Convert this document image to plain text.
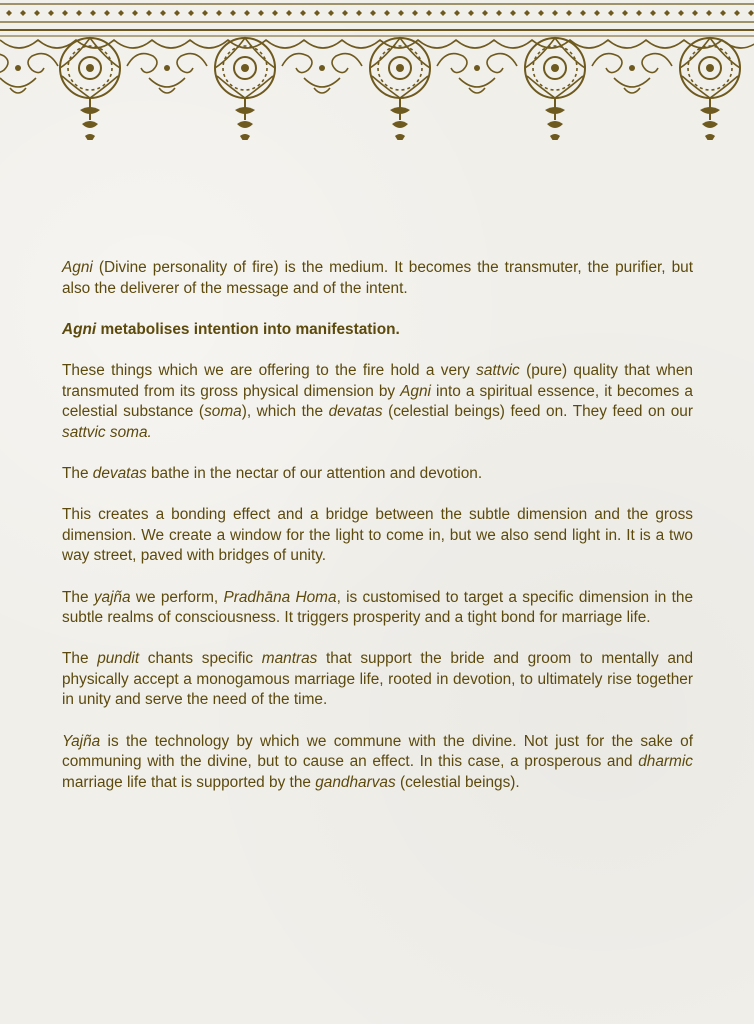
Agni (Divine personality of fire) is the medium. It becomes the transmuter, the purifier, but also the deliverer of the message and of the intent.

Agni metabolises intention into manifestation.

These things which we are offering to the fire hold a very sattvic (pure) quality that when transmuted from its gross physical dimension by Agni into a spiritual essence, it becomes a celestial substance (soma), which the devatas (celestial beings) feed on. They feed on our sattvic soma.

The devatas bathe in the nectar of our attention and devotion.

This creates a bonding effect and a bridge between the subtle dimension and the gross dimension. We create a window for the light to come in, but we also send light in. It is a two way street, paved with bridges of unity.

The yajña we perform, Pradhāna Homa, is customised to target a specific dimension in the subtle realms of consciousness. It triggers prosperity and a tight bond for marriage life.

The pundit chants specific mantras that support the bride and groom to mentally and physically accept a monogamous marriage life, rooted in devotion, to ultimately rise together in unity and serve the need of the time.

Yajña is the technology by which we commune with the divine. Not just for the sake of communing with the divine, but to cause an effect. In this case, a prosperous and dharmic marriage life that is supported by the gandharvas (celestial beings).
